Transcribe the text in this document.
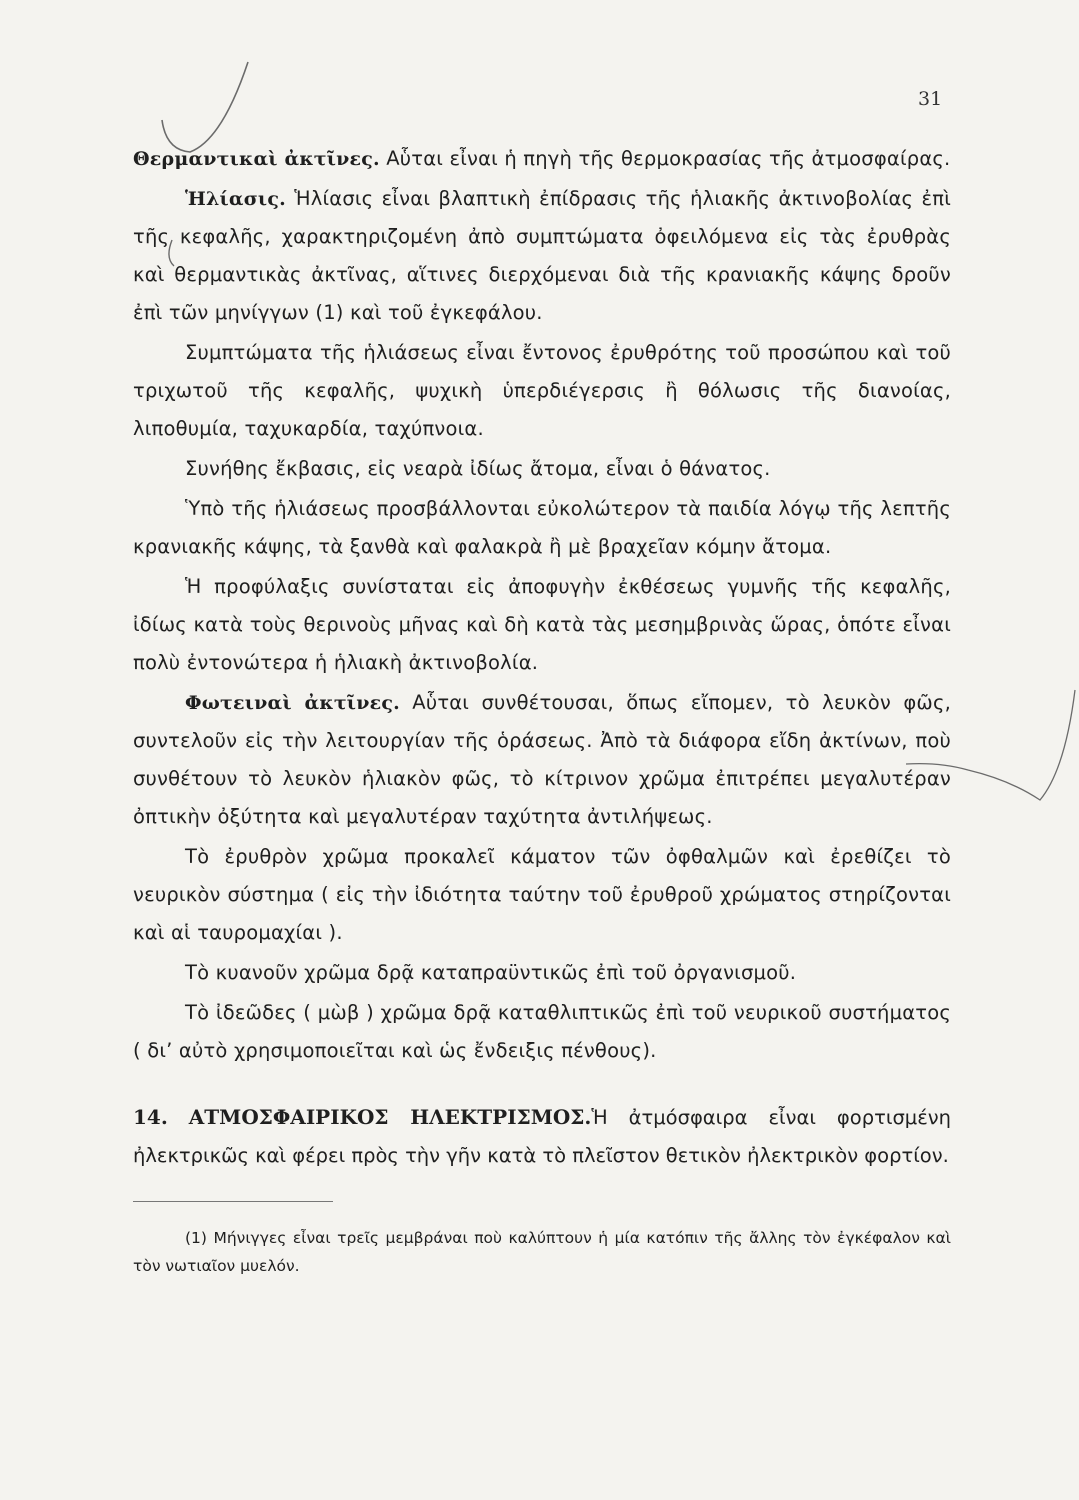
31

Θερμαντικαὶ ἀκτῖνες. Αὗται εἶναι ἡ πηγὴ τῆς θερμοκρασίας τῆς ἀτμοσφαίρας.

Ἡλίασις. Ἡλίασις εἶναι βλαπτικὴ ἐπίδρασις τῆς ἡλιακῆς ἀκτινοβολίας ἐπὶ τῆς κεφαλῆς, χαρακτηριζομένη ἀπὸ συμπτώματα ὀφειλόμενα εἰς τὰς ἐρυθρὰς καὶ θερμαντικὰς ἀκτῖνας, αἵτινες διερχόμεναι διὰ τῆς κρανιακῆς κάψης δροῦν ἐπὶ τῶν μηνίγγων (1) καὶ τοῦ ἐγκεφάλου.

Συμπτώματα τῆς ἡλιάσεως εἶναι ἔντονος ἐρυθρότης τοῦ προσώπου καὶ τοῦ τριχωτοῦ τῆς κεφαλῆς, ψυχικὴ ὑπερδιέγερσις ἢ θόλωσις τῆς διανοίας, λιποθυμία, ταχυκαρδία, ταχύπνοια.

Συνήθης ἔκβασις, εἰς νεαρὰ ἰδίως ἄτομα, εἶναι ὁ θάνατος.

Ὑπὸ τῆς ἡλιάσεως προσβάλλονται εὐκολώτερον τὰ παιδία λόγῳ τῆς λεπτῆς κρανιακῆς κάψης, τὰ ξανθὰ καὶ φαλακρὰ ἢ μὲ βραχεῖαν κόμην ἄτομα.

Ἡ προφύλαξις συνίσταται εἰς ἀποφυγὴν ἐκθέσεως γυμνῆς τῆς κεφαλῆς, ἰδίως κατὰ τοὺς θερινοὺς μῆνας καὶ δὴ κατὰ τὰς μεσημβρινὰς ὥρας, ὁπότε εἶναι πολὺ ἐντονώτερα ἡ ἡλιακὴ ἀκτινοβολία.

Φωτειναὶ ἀκτῖνες. Αὗται συνθέτουσαι, ὅπως εἴπομεν, τὸ λευκὸν φῶς, συντελοῦν εἰς τὴν λειτουργίαν τῆς ὁράσεως. Ἀπὸ τὰ διάφορα εἴδη ἀκτίνων, ποὺ συνθέτουν τὸ λευκὸν ἡλιακὸν φῶς, τὸ κίτρινον χρῶμα ἐπιτρέπει μεγαλυτέραν ὀπτικὴν ὀξύτητα καὶ μεγαλυτέραν ταχύτητα ἀντιλήψεως.

Τὸ ἐρυθρὸν χρῶμα προκαλεῖ κάματον τῶν ὀφθαλμῶν καὶ ἐρεθίζει τὸ νευρικὸν σύστημα ( εἰς τὴν ἰδιότητα ταύτην τοῦ ἐρυθροῦ χρώματος στηρίζονται καὶ αἱ ταυρομαχίαι ).

Τὸ κυανοῦν χρῶμα δρᾷ καταπραϋντικῶς ἐπὶ τοῦ ὀργανισμοῦ.

Τὸ ἰδεῶδες ( μὼβ ) χρῶμα δρᾷ καταθλιπτικῶς ἐπὶ τοῦ νευρικοῦ συστήματος ( δι’ αὐτὸ χρησιμοποιεῖται καὶ ὡς ἔνδειξις πένθους).

14. ΑΤΜΟΣΦΑΙΡΙΚΟΣ ΗΛΕΚΤΡΙΣΜΟΣ.Ἡ ἀτμόσφαιρα εἶναι φορτισμένη ἠλεκτρικῶς καὶ φέρει πρὸς τὴν γῆν κατὰ τὸ πλεῖστον θετικὸν ἠλεκτρικὸν φορτίον.

(1) Μήνιγγες εἶναι τρεῖς μεμβράναι ποὺ καλύπτουν ἡ μία κατόπιν τῆς ἄλλης τὸν ἐγκέφαλον καὶ τὸν νωτιαῖον μυελόν.
